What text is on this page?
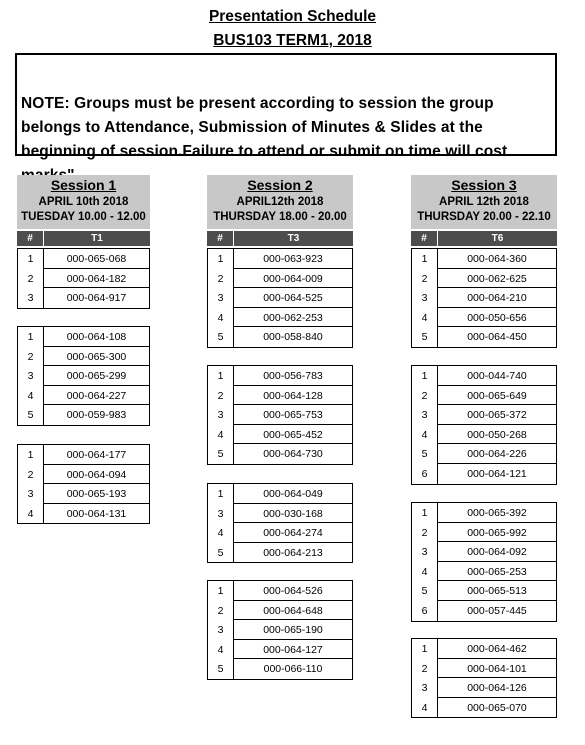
Presentation Schedule
BUS103 TERM1, 2018
NOTE: Groups must be present according to session the group belongs to Attendance, Submission of Minutes & Slides at the beginning of session.Failure to attend or submit on time will cost
Session 1
APRIL 10th 2018
TUESDAY 10.00 - 12.00
#	T1
1	000-065-068
2	000-064-182
3	000-064-917
1	000-064-108
2	000-065-300
3	000-065-299
4	000-064-227
5	000-059-983
1	000-064-177
2	000-064-094
3	000-065-193
4	000-064-131
Session 2
APRIL12th 2018
THURSDAY 18.00 - 20.00
#	T3
1	000-063-923
2	000-064-009
3	000-064-525
4	000-062-253
5	000-058-840
1	000-056-783
2	000-064-128
3	000-065-753
4	000-065-452
5	000-064-730
1	000-064-049
3	000-030-168
4	000-064-274
5	000-064-213
1	000-064-526
2	000-064-648
3	000-065-190
4	000-064-127
5	000-066-110
Session 3
APRIL 12th 2018
THURSDAY 20.00 - 22.10
#	T6
1	000-064-360
2	000-062-625
3	000-064-210
4	000-050-656
5	000-064-450
1	000-044-740
2	000-065-649
3	000-065-372
4	000-050-268
5	000-064-226
6	000-064-121
1	000-065-392
2	000-065-992
3	000-064-092
4	000-065-253
5	000-065-513
6	000-057-445
1	000-064-462
2	000-064-101
3	000-064-126
4	000-065-070
